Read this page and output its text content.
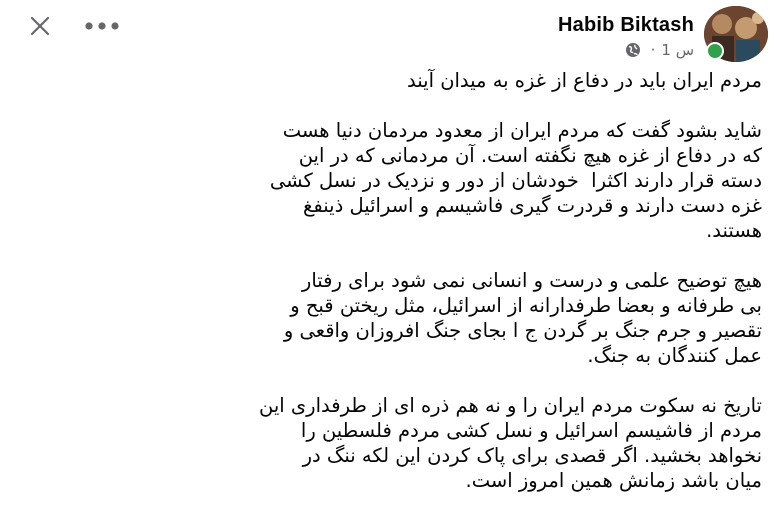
Habib Biktash
· 1 س

مردم ایران باید در دفاع از غزه به میدان آیند

شاید بشود گفت که مردم ایران از معدود مردمان دنیا هست
که در دفاع از غزه هیچ نگفته است. آن مردمانی که در این
دسته قرار دارند اکثرا  خودشان از دور و نزدیک در نسل کشی
غزه دست دارند و قردرت گیری فاشیسم و اسرائیل ذینفغ
هستند.

هیچ توضیح علمی و درست و انسانی نمی شود برای رفتار
بی طرفانه و بعضا طرفدارانه از اسرائیل، مثل ریختن قبح و
تقصیر و جرم جنگ بر گردن ج ا بجای جنگ افروزان واقعی و
عمل کنندگان به جنگ.

تاریخ نه سکوت مردم ایران را و نه هم ذره ای از طرفداری این
مردم از فاشیسم اسرائیل و نسل کشی مردم فلسطین را
نخواهد بخشید. اگر قصدی برای پاک کردن این لکه ننگ در
میان باشد زمانش همین امروز است.
